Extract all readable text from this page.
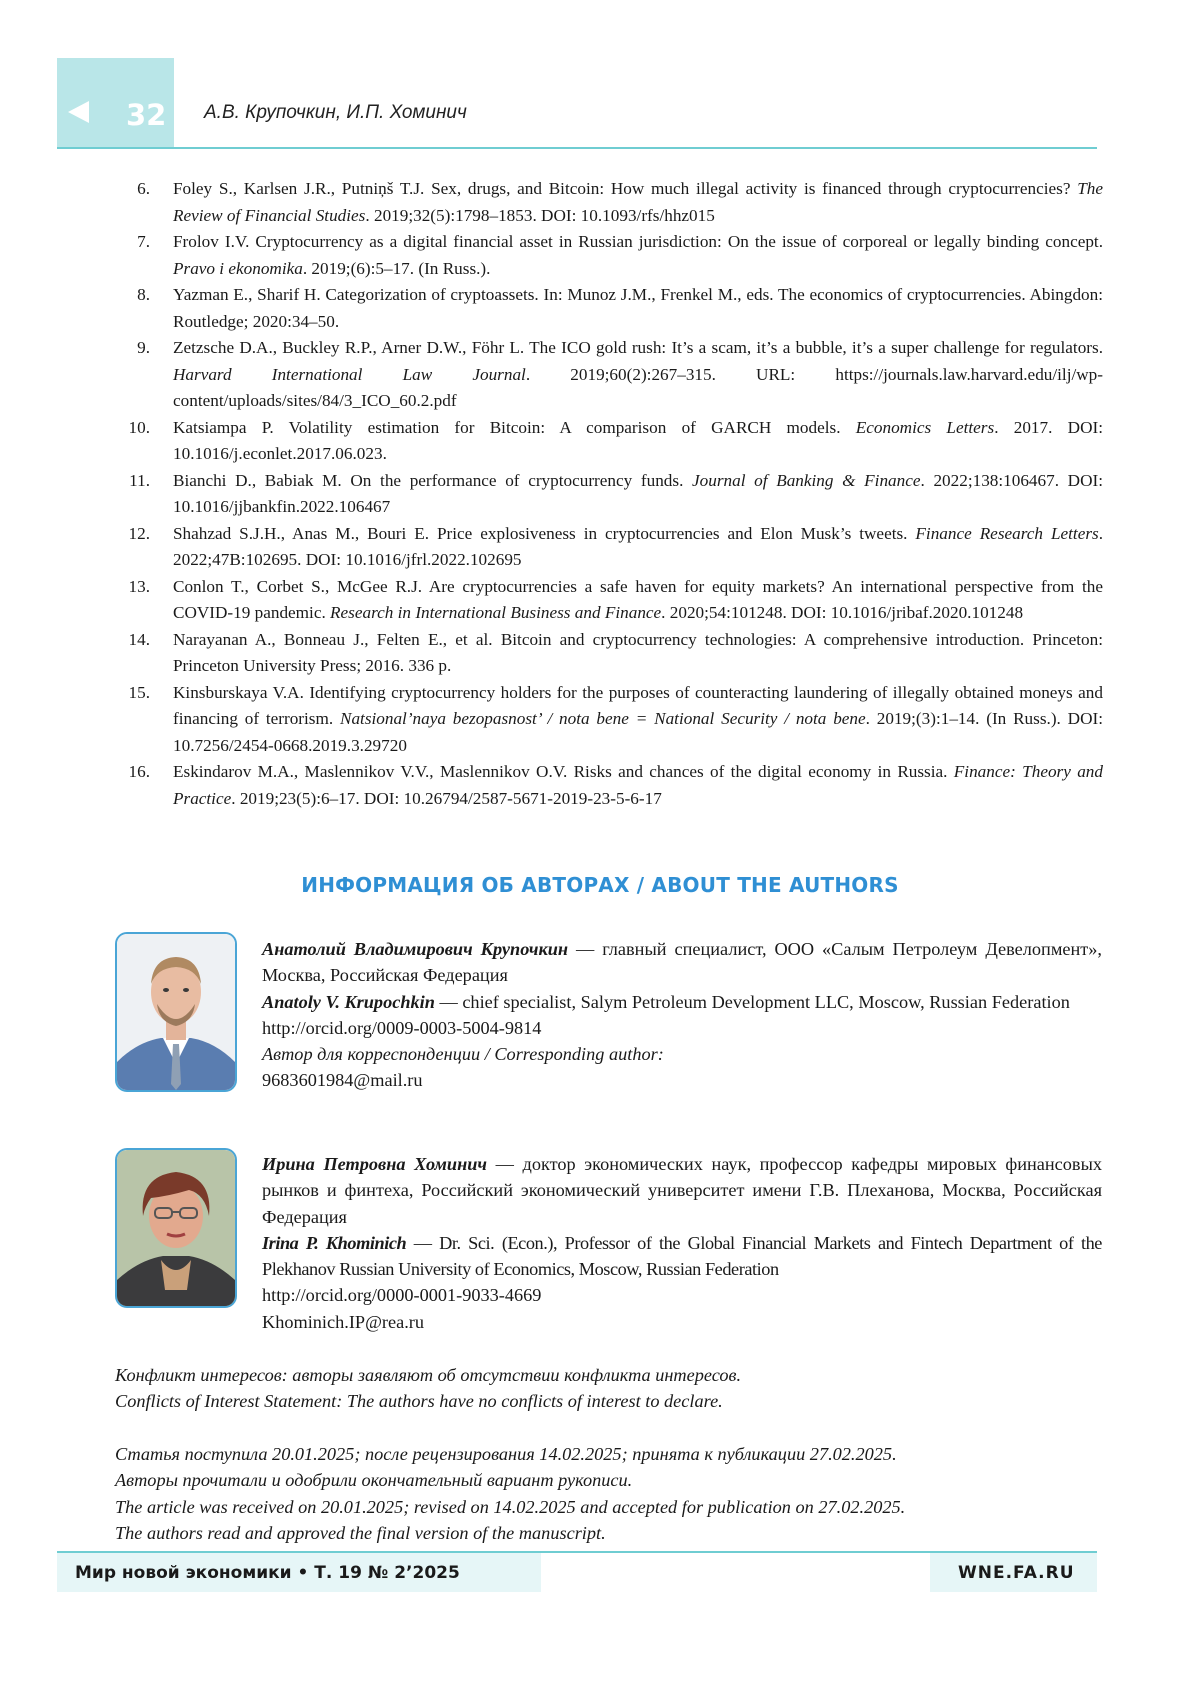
32 А.В. Крупочкин, И.П. Хоминич
6. Foley S., Karlsen J.R., Putniņš T.J. Sex, drugs, and Bitcoin: How much illegal activity is financed through cryptocurrencies? The Review of Financial Studies. 2019;32(5):1798–1853. DOI: 10.1093/rfs/hhz015
7. Frolov I.V. Cryptocurrency as a digital financial asset in Russian jurisdiction: On the issue of corporeal or legally binding concept. Pravo i ekonomika. 2019;(6):5–17. (In Russ.).
8. Yazman E., Sharif H. Categorization of cryptoassets. In: Munoz J.M., Frenkel M., eds. The economics of cryptocurrencies. Abingdon: Routledge; 2020:34–50.
9. Zetzsche D.A., Buckley R.P., Arner D.W., Föhr L. The ICO gold rush: It’s a scam, it’s a bubble, it’s a super challenge for regulators. Harvard International Law Journal. 2019;60(2):267–315. URL: https://journals.law.harvard.edu/ilj/wp-content/uploads/sites/84/3_ICO_60.2.pdf
10. Katsiampa P. Volatility estimation for Bitcoin: A comparison of GARCH models. Economics Letters. 2017. DOI: 10.1016/j.econlet.2017.06.023.
11. Bianchi D., Babiak M. On the performance of cryptocurrency funds. Journal of Banking & Finance. 2022;138:106467. DOI: 10.1016/jjbankfin.2022.106467
12. Shahzad S.J.H., Anas M., Bouri E. Price explosiveness in cryptocurrencies and Elon Musk’s tweets. Finance Research Letters. 2022;47B:102695. DOI: 10.1016/jfrl.2022.102695
13. Conlon T., Corbet S., McGee R.J. Are cryptocurrencies a safe haven for equity markets? An international perspective from the COVID-19 pandemic. Research in International Business and Finance. 2020;54:101248. DOI: 10.1016/jribaf.2020.101248
14. Narayanan A., Bonneau J., Felten E., et al. Bitcoin and cryptocurrency technologies: A comprehensive introduction. Princeton: Princeton University Press; 2016. 336 p.
15. Kinsburskaya V.A. Identifying cryptocurrency holders for the purposes of counteracting laundering of illegally obtained moneys and financing of terrorism. Natsional’naya bezopasnost’ / nota bene = National Security / nota bene. 2019;(3):1–14. (In Russ.). DOI: 10.7256/2454-0668.2019.3.29720
16. Eskindarov M.A., Maslennikov V.V., Maslennikov O.V. Risks and chances of the digital economy in Russia. Finance: Theory and Practice. 2019;23(5):6–17. DOI: 10.26794/2587-5671-2019-23-5-6-17
ИНФОРМАЦИЯ ОБ АВТОРАХ / ABOUT THE AUTHORS
Анатолий Владимирович Крупочкин — главный специалист, ООО «Салым Петролеум Девелопмент», Москва, Российская Федерация
Anatoly V. Krupochkin — chief specialist, Salym Petroleum Development LLC, Moscow, Russian Federation
http://orcid.org/0009-0003-5004-9814
Автор для корреспонденции / Corresponding author:
9683601984@mail.ru
Ирина Петровна Хоминич — доктор экономических наук, профессор кафедры мировых финансовых рынков и финтеха, Российский экономический университет имени Г.В. Плеханова, Москва, Российская Федерация
Irina P. Khominich — Dr. Sci. (Econ.), Professor of the Global Financial Markets and Fintech Department of the Plekhanov Russian University of Economics, Moscow, Russian Federation
http://orcid.org/0000-0001-9033-4669
Khominich.IP@rea.ru
Конфликт интересов: авторы заявляют об отсутствии конфликта интересов.
Conflicts of Interest Statement: The authors have no conflicts of interest to declare.
Статья поступила 20.01.2025; после рецензирования 14.02.2025; принята к публикации 27.02.2025.
Авторы прочитали и одобрили окончательный вариант рукописи.
The article was received on 20.01.2025; revised on 14.02.2025 and accepted for publication on 27.02.2025.
The authors read and approved the final version of the manuscript.
Мир новой экономики • Т. 19 № 2’2025	WNE.FA.RU
